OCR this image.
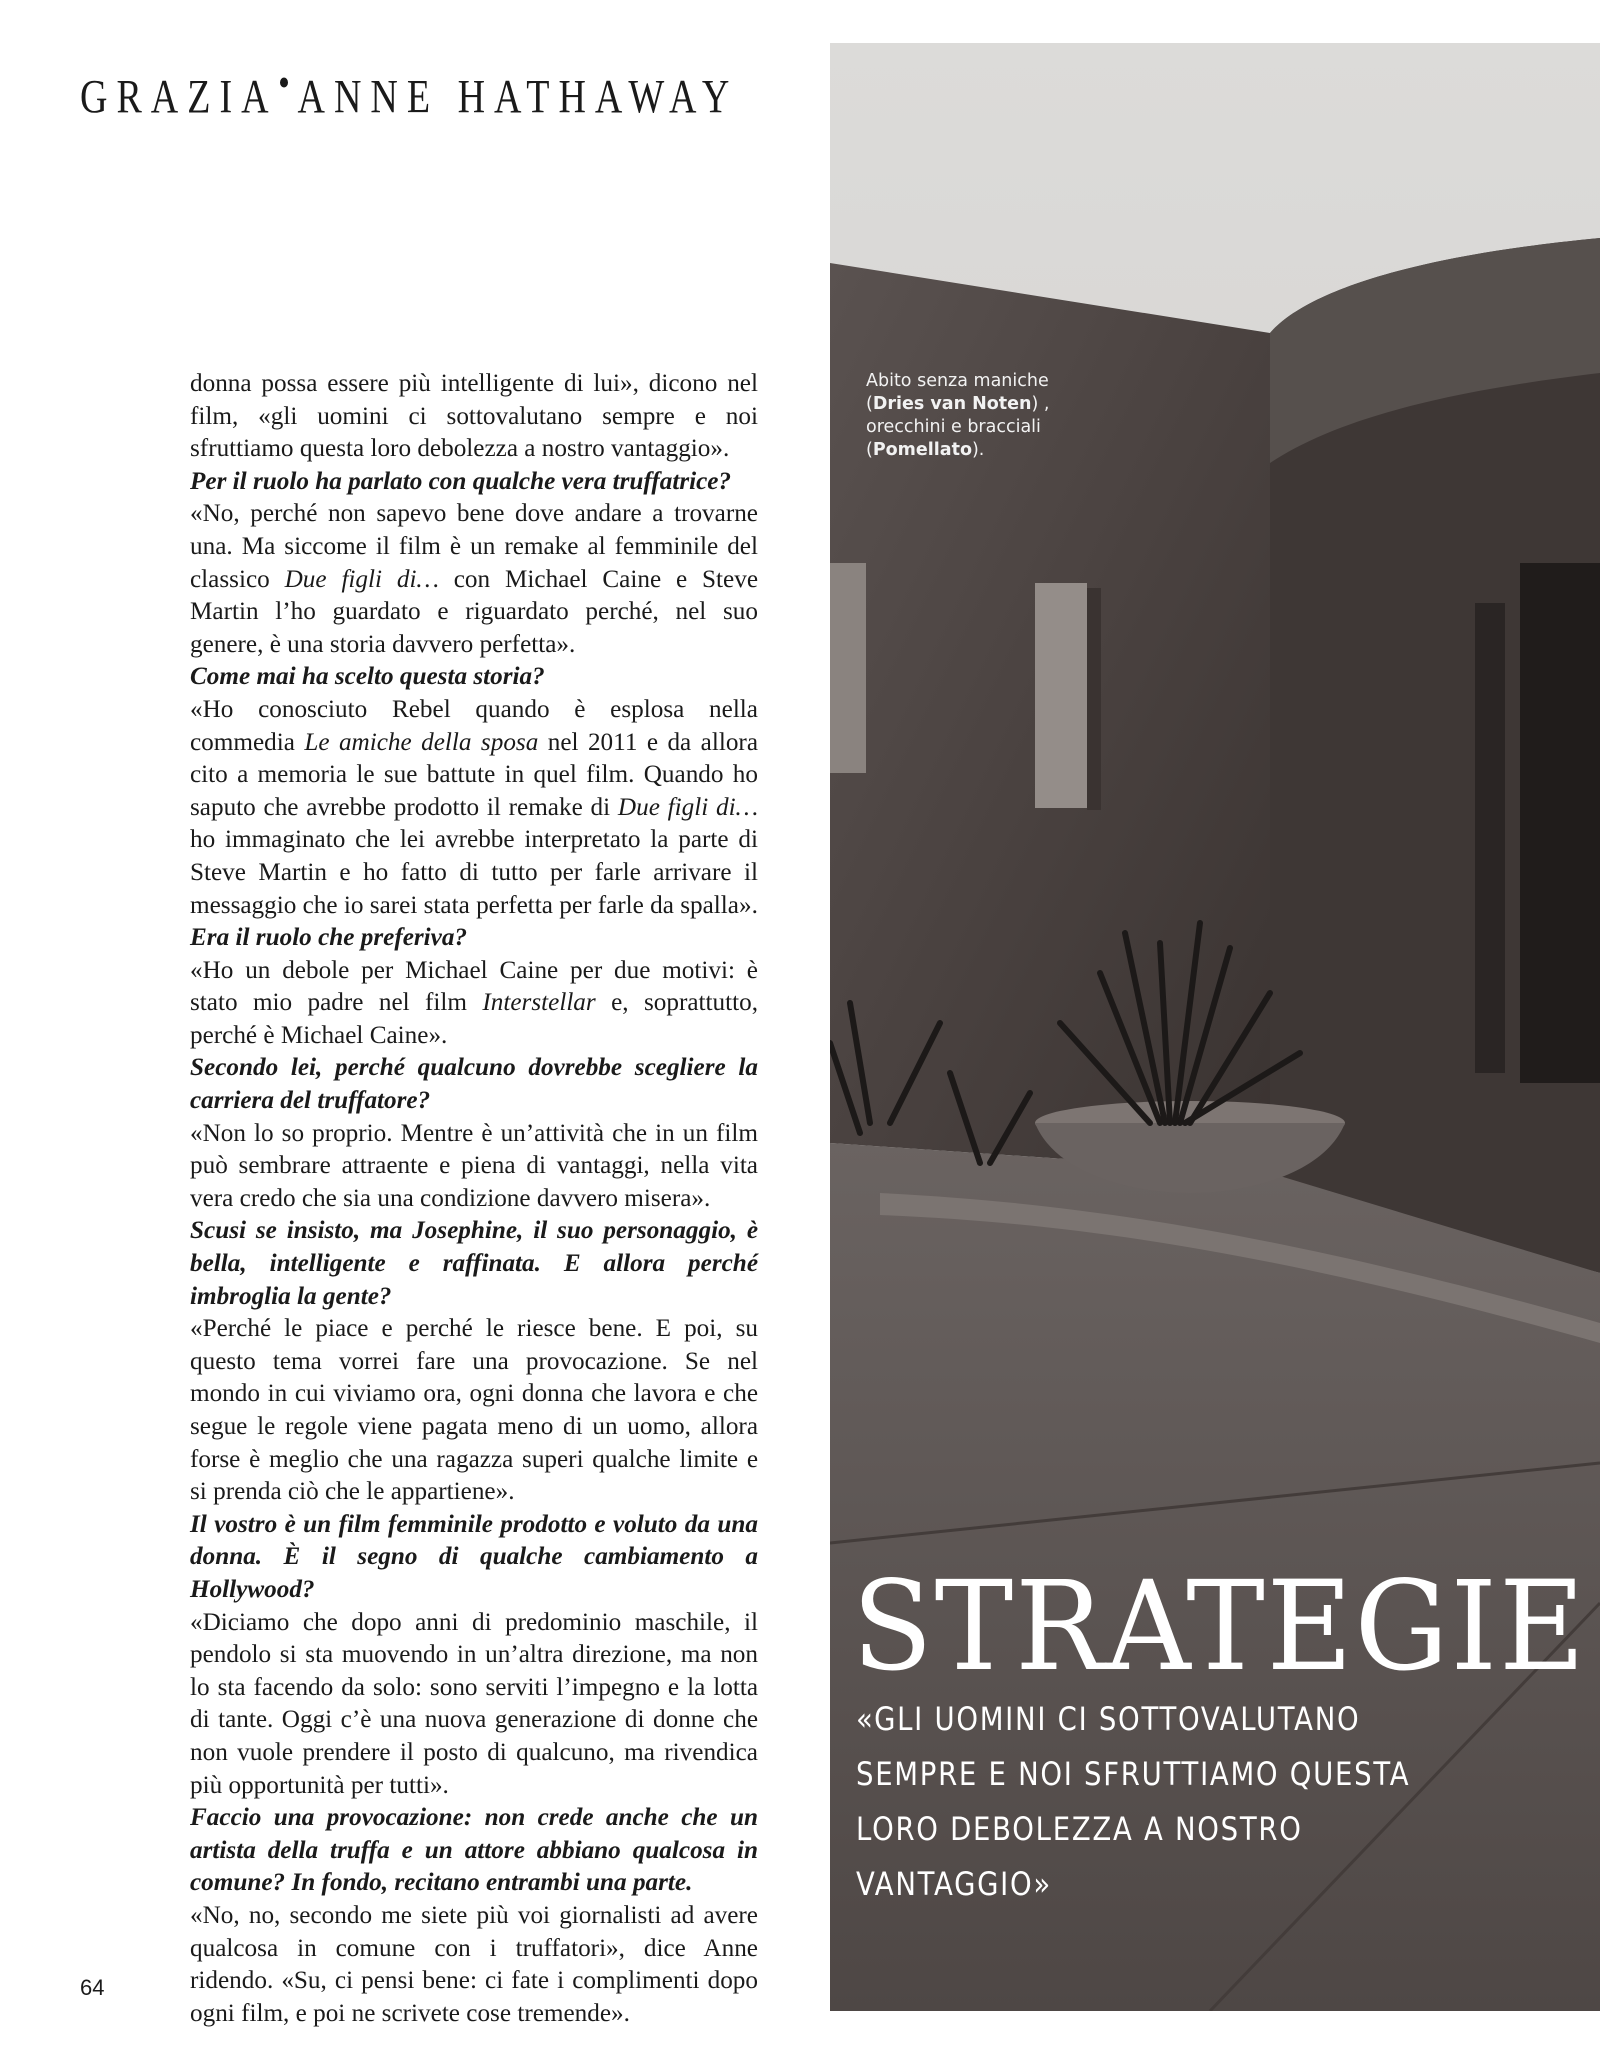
GRAZIA ANNE HATHAWAY

donna possa essere più intelligente di lui», dicono nel film, «gli uomini ci sottovalutano sempre e noi sfruttiamo questa loro debolezza a nostro vantaggio».

Per il ruolo ha parlato con qualche vera truffatrice?

«No, perché non sapevo bene dove andare a trovarne una. Ma siccome il film è un remake al femminile del classico Due figli di… con Michael Caine e Steve Martin l’ho guardato e riguardato perché, nel suo genere, è una storia davvero perfetta».

Come mai ha scelto questa storia?

«Ho conosciuto Rebel quando è esplosa nella commedia Le amiche della sposa nel 2011 e da allora cito a memoria le sue battute in quel film. Quando ho saputo che avrebbe prodotto il remake di Due figli di… ho immaginato che lei avrebbe interpretato la parte di Steve Martin e ho fatto di tutto per farle arrivare il messaggio che io sarei stata perfetta per farle da spalla».

Era il ruolo che preferiva?

«Ho un debole per Michael Caine per due motivi: è stato mio padre nel film Interstellar e, soprattutto, perché è Michael Caine».

Secondo lei, perché qualcuno dovrebbe scegliere la carriera del truffatore?

«Non lo so proprio. Mentre è un’attività che in un film può sembrare attraente e piena di vantaggi, nella vita vera credo che sia una condizione davvero misera».

Scusi se insisto, ma Josephine, il suo personaggio, è bella, intelligente e raffinata. E allora perché imbroglia la gente?

«Perché le piace e perché le riesce bene. E poi, su questo tema vorrei fare una provocazione. Se nel mondo in cui viviamo ora, ogni donna che lavora e che segue le regole viene pagata meno di un uomo, allora forse è meglio che una ragazza superi qualche limite e si prenda ciò che le appartiene».

Il vostro è un film femminile prodotto e voluto da una donna. È il segno di qualche cambiamento a Hollywood?

«Diciamo che dopo anni di predominio maschile, il pendolo si sta muovendo in un’altra direzione, ma non lo sta facendo da solo: sono serviti l’impegno e la lotta di tante. Oggi c’è una nuova generazione di donne che non vuole prendere il posto di qualcuno, ma rivendica più opportunità per tutti».

Faccio una provocazione: non crede anche che un artista della truffa e un attore abbiano qualcosa in comune? In fondo, recitano entrambi una parte.

«No, no, secondo me siete più voi giornalisti ad avere qualcosa in comune con i truffatori», dice Anne ridendo. «Su, ci pensi bene: ci fate i complimenti dopo ogni film, e poi ne scrivete cose tremende».

64
Abito senza maniche (Dries van Noten) , orecchini e bracciali (Pomellato).
STRATEGIE
«GLI UOMINI CI SOTTOVALUTANO SEMPRE E NOI SFRUTTIAMO QUESTA LORO DEBOLEZZA A NOSTRO VANTAGGIO»
